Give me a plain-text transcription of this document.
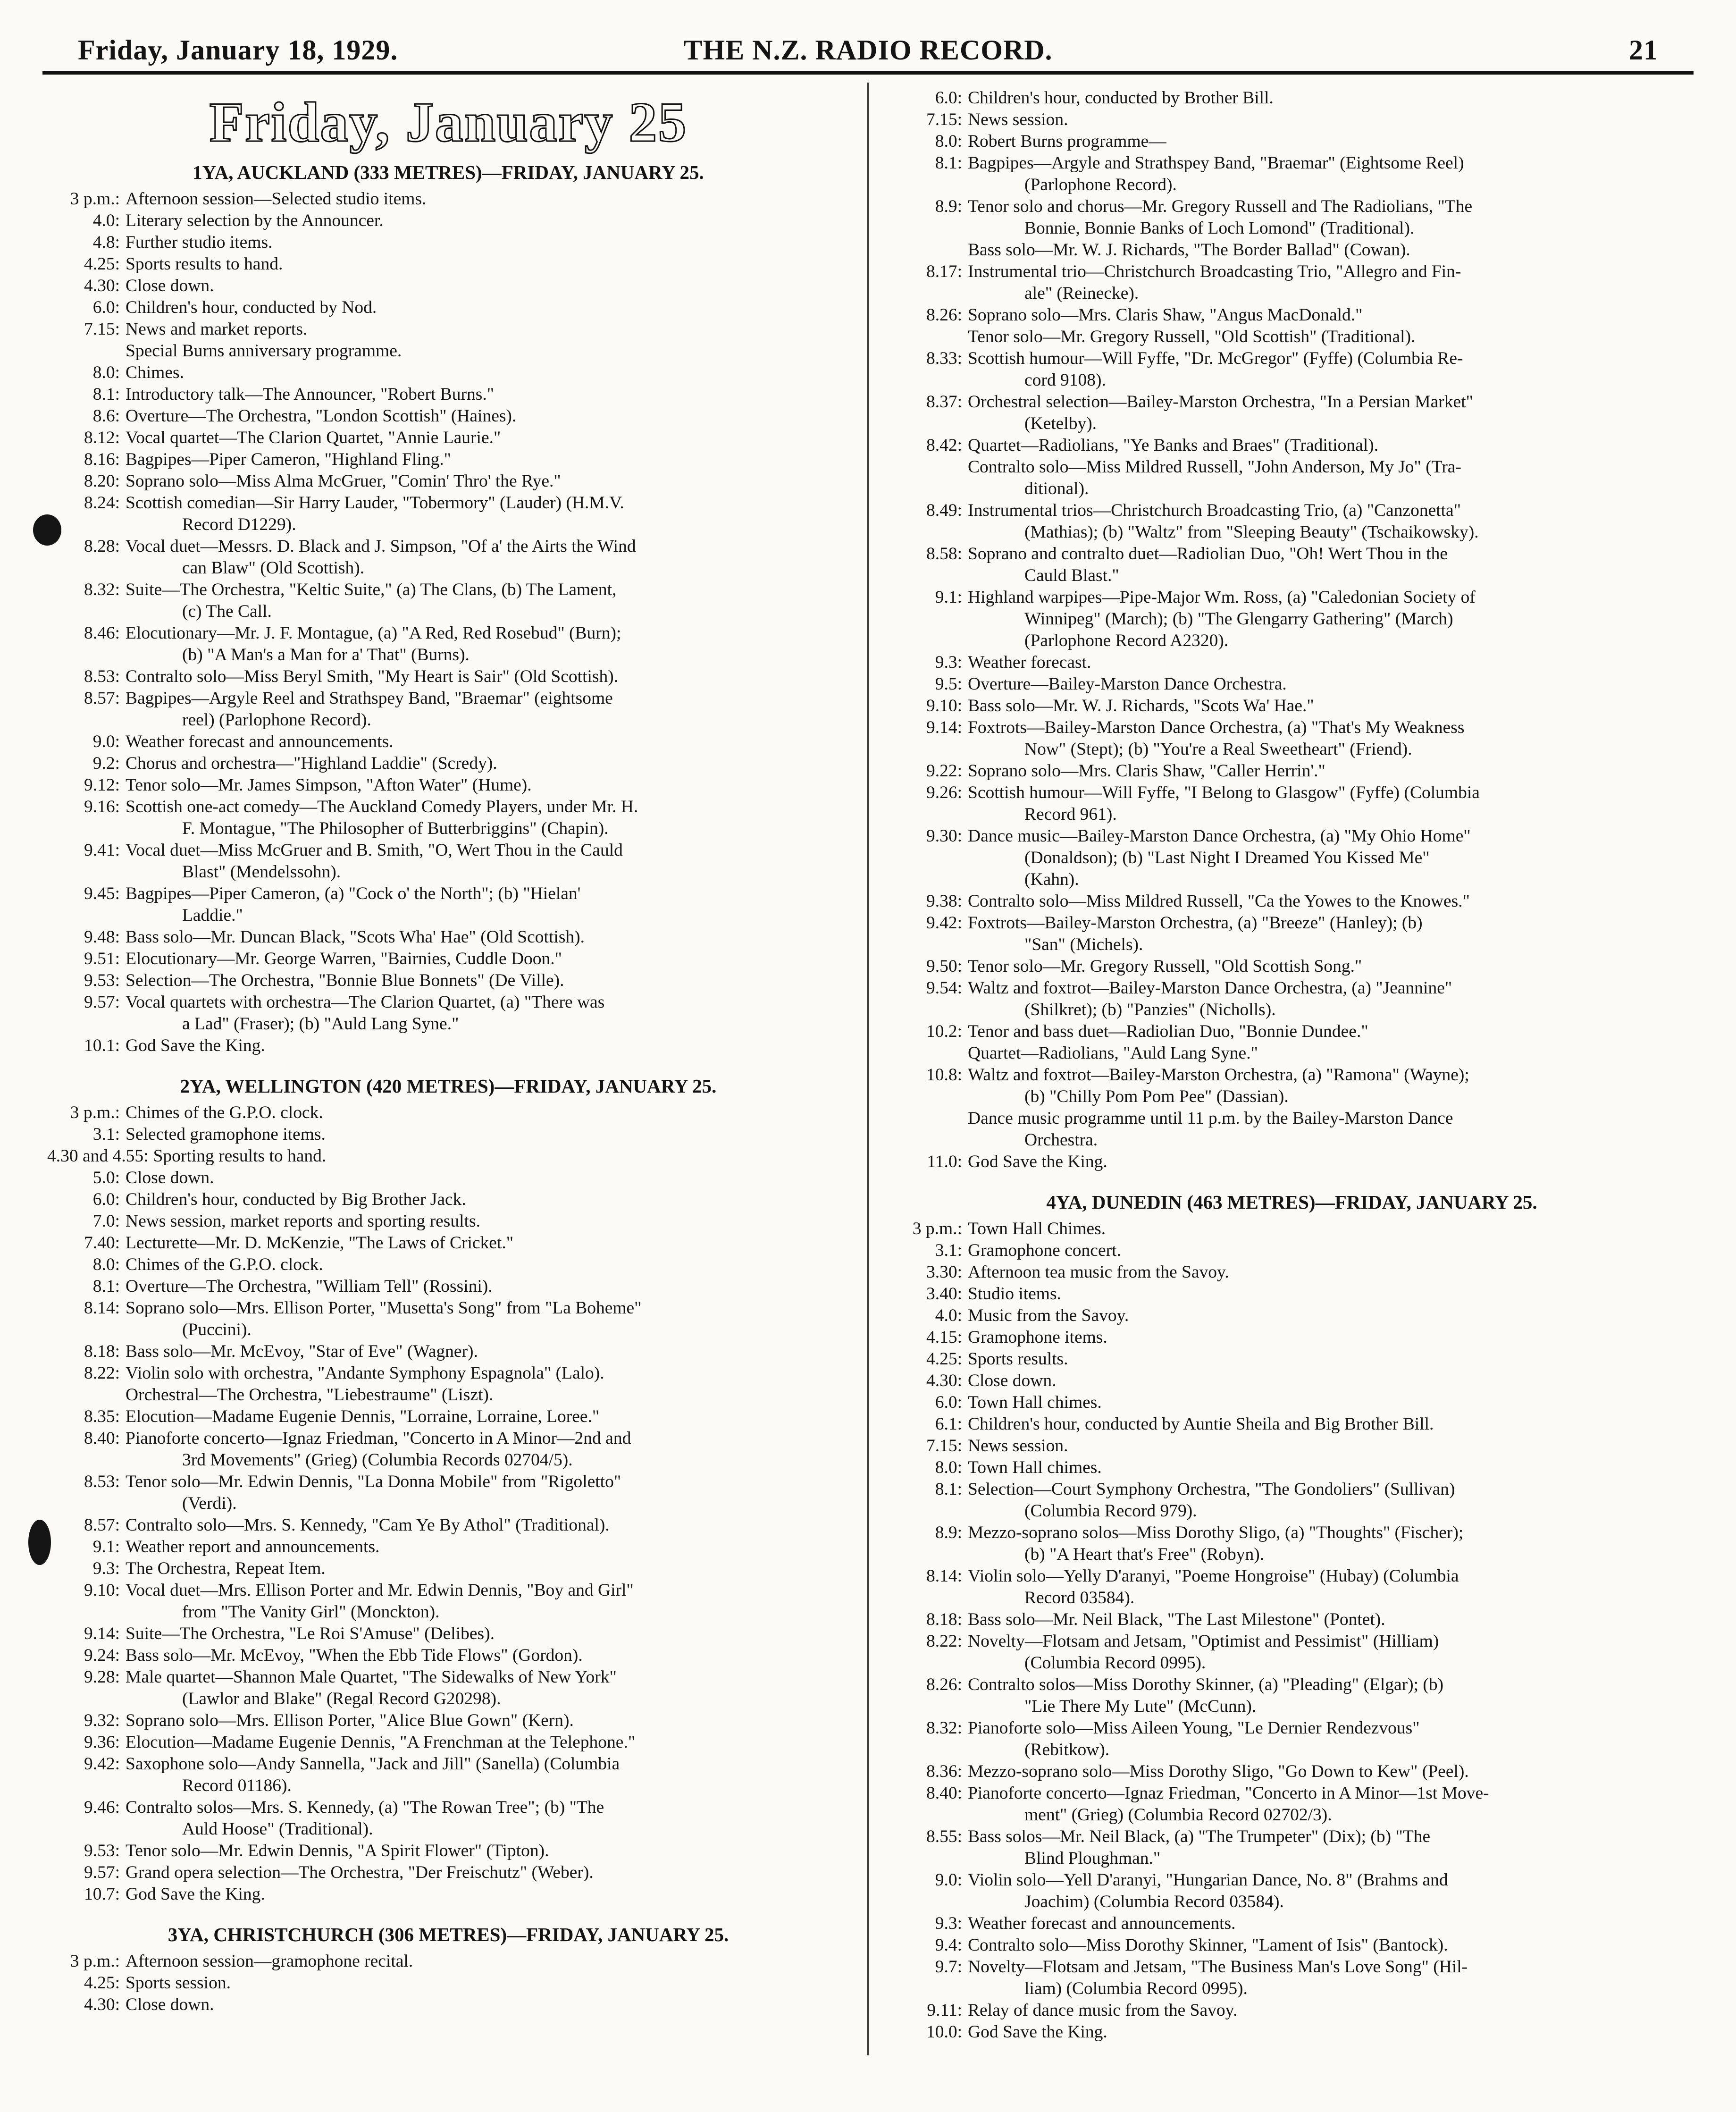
Friday, January 18, 1929.	THE N.Z. RADIO RECORD.	21
Friday, January 25
1YA, AUCKLAND (333 METRES)—FRIDAY, JANUARY 25.
3 p.m.: Afternoon session—Selected studio items.
4.0: Literary selection by the Announcer.
4.8: Further studio items.
4.25: Sports results to hand.
4.30: Close down.
6.0: Children's hour, conducted by Nod.
7.15: News and market reports.
Special Burns anniversary programme.
8.0: Chimes.
8.1: Introductory talk—The Announcer, "Robert Burns."
8.6: Overture—The Orchestra, "London Scottish" (Haines).
8.12: Vocal quartet—The Clarion Quartet, "Annie Laurie."
8.16: Bagpipes—Piper Cameron, "Highland Fling."
8.20: Soprano solo—Miss Alma McGruer, "Comin' Thro' the Rye."
8.24: Scottish comedian—Sir Harry Lauder, "Tobermory" (Lauder) (H.M.V.
Record D1229).
8.28: Vocal duet—Messrs. D. Black and J. Simpson, "Of a' the Airts the Wind
can Blaw" (Old Scottish).
8.32: Suite—The Orchestra, "Keltic Suite," (a) The Clans, (b) The Lament,
(c) The Call.
8.46: Elocutionary—Mr. J. F. Montague, (a) "A Red, Red Rosebud" (Burn);
(b) "A Man's a Man for a' That" (Burns).
8.53: Contralto solo—Miss Beryl Smith, "My Heart is Sair" (Old Scottish).
8.57: Bagpipes—Argyle Reel and Strathspey Band, "Braemar" (eightsome
reel) (Parlophone Record).
9.0: Weather forecast and announcements.
9.2: Chorus and orchestra—"Highland Laddie" (Scredy).
9.12: Tenor solo—Mr. James Simpson, "Afton Water" (Hume).
9.16: Scottish one-act comedy—The Auckland Comedy Players, under Mr. H.
F. Montague, "The Philosopher of Butterbriggins" (Chapin).
9.41: Vocal duet—Miss McGruer and B. Smith, "O, Wert Thou in the Cauld
Blast" (Mendelssohn).
9.45: Bagpipes—Piper Cameron, (a) "Cock o' the North"; (b) "Hielan'
Laddie."
9.48: Bass solo—Mr. Duncan Black, "Scots Wha' Hae" (Old Scottish).
9.51: Elocutionary—Mr. George Warren, "Bairnies, Cuddle Doon."
9.53: Selection—The Orchestra, "Bonnie Blue Bonnets" (De Ville).
9.57: Vocal quartets with orchestra—The Clarion Quartet, (a) "There was
a Lad" (Fraser); (b) "Auld Lang Syne."
10.1: God Save the King.
2YA, WELLINGTON (420 METRES)—FRIDAY, JANUARY 25.
3 p.m.: Chimes of the G.P.O. clock.
3.1: Selected gramophone items.
4.30 and 4.55: Sporting results to hand.
5.0: Close down.
6.0: Children's hour, conducted by Big Brother Jack.
7.0: News session, market reports and sporting results.
7.40: Lecturette—Mr. D. McKenzie, "The Laws of Cricket."
8.0: Chimes of the G.P.O. clock.
8.1: Overture—The Orchestra, "William Tell" (Rossini).
8.14: Soprano solo—Mrs. Ellison Porter, "Musetta's Song" from "La Boheme"
(Puccini).
8.18: Bass solo—Mr. McEvoy, "Star of Eve" (Wagner).
8.22: Violin solo with orchestra, "Andante Symphony Espagnola" (Lalo).
Orchestral—The Orchestra, "Liebestraume" (Liszt).
8.35: Elocution—Madame Eugenie Dennis, "Lorraine, Lorraine, Loree."
8.40: Pianoforte concerto—Ignaz Friedman, "Concerto in A Minor—2nd and
3rd Movements" (Grieg) (Columbia Records 02704/5).
8.53: Tenor solo—Mr. Edwin Dennis, "La Donna Mobile" from "Rigoletto"
(Verdi).
8.57: Contralto solo—Mrs. S. Kennedy, "Cam Ye By Athol" (Traditional).
9.1: Weather report and announcements.
9.3: The Orchestra, Repeat Item.
9.10: Vocal duet—Mrs. Ellison Porter and Mr. Edwin Dennis, "Boy and Girl"
from "The Vanity Girl" (Monckton).
9.14: Suite—The Orchestra, "Le Roi S'Amuse" (Delibes).
9.24: Bass solo—Mr. McEvoy, "When the Ebb Tide Flows" (Gordon).
9.28: Male quartet—Shannon Male Quartet, "The Sidewalks of New York"
(Lawlor and Blake" (Regal Record G20298).
9.32: Soprano solo—Mrs. Ellison Porter, "Alice Blue Gown" (Kern).
9.36: Elocution—Madame Eugenie Dennis, "A Frenchman at the Telephone."
9.42: Saxophone solo—Andy Sannella, "Jack and Jill" (Sanella) (Columbia
Record 01186).
9.46: Contralto solos—Mrs. S. Kennedy, (a) "The Rowan Tree"; (b) "The
Auld Hoose" (Traditional).
9.53: Tenor solo—Mr. Edwin Dennis, "A Spirit Flower" (Tipton).
9.57: Grand opera selection—The Orchestra, "Der Freischutz" (Weber).
10.7: God Save the King.
3YA, CHRISTCHURCH (306 METRES)—FRIDAY, JANUARY 25.
3 p.m.: Afternoon session—gramophone recital.
4.25: Sports session.
4.30: Close down.
6.0: Children's hour, conducted by Brother Bill.
7.15: News session.
8.0: Robert Burns programme—
8.1: Bagpipes—Argyle and Strathspey Band, "Braemar" (Eightsome Reel)
(Parlophone Record).
8.9: Tenor solo and chorus—Mr. Gregory Russell and The Radiolians, "The
Bonnie, Bonnie Banks of Loch Lomond" (Traditional).
Bass solo—Mr. W. J. Richards, "The Border Ballad" (Cowan).
8.17: Instrumental trio—Christchurch Broadcasting Trio, "Allegro and Fin-
ale" (Reinecke).
8.26: Soprano solo—Mrs. Claris Shaw, "Angus MacDonald."
Tenor solo—Mr. Gregory Russell, "Old Scottish" (Traditional).
8.33: Scottish humour—Will Fyffe, "Dr. McGregor" (Fyffe) (Columbia Re-
cord 9108).
8.37: Orchestral selection—Bailey-Marston Orchestra, "In a Persian Market"
(Ketelby).
8.42: Quartet—Radiolians, "Ye Banks and Braes" (Traditional).
Contralto solo—Miss Mildred Russell, "John Anderson, My Jo" (Tra-
ditional).
8.49: Instrumental trios—Christchurch Broadcasting Trio, (a) "Canzonetta"
(Mathias); (b) "Waltz" from "Sleeping Beauty" (Tschaikowsky).
8.58: Soprano and contralto duet—Radiolian Duo, "Oh! Wert Thou in the
Cauld Blast."
9.1: Highland warpipes—Pipe-Major Wm. Ross, (a) "Caledonian Society of
Winnipeg" (March); (b) "The Glengarry Gathering" (March)
(Parlophone Record A2320).
9.3: Weather forecast.
9.5: Overture—Bailey-Marston Dance Orchestra.
9.10: Bass solo—Mr. W. J. Richards, "Scots Wa' Hae."
9.14: Foxtrots—Bailey-Marston Dance Orchestra, (a) "That's My Weakness
Now" (Stept); (b) "You're a Real Sweetheart" (Friend).
9.22: Soprano solo—Mrs. Claris Shaw, "Caller Herrin'."
9.26: Scottish humour—Will Fyffe, "I Belong to Glasgow" (Fyffe) (Columbia
Record 961).
9.30: Dance music—Bailey-Marston Dance Orchestra, (a) "My Ohio Home"
(Donaldson); (b) "Last Night I Dreamed You Kissed Me"
(Kahn).
9.38: Contralto solo—Miss Mildred Russell, "Ca the Yowes to the Knowes."
9.42: Foxtrots—Bailey-Marston Orchestra, (a) "Breeze" (Hanley); (b)
"San" (Michels).
9.50: Tenor solo—Mr. Gregory Russell, "Old Scottish Song."
9.54: Waltz and foxtrot—Bailey-Marston Dance Orchestra, (a) "Jeannine"
(Shilkret); (b) "Panzies" (Nicholls).
10.2: Tenor and bass duet—Radiolian Duo, "Bonnie Dundee."
Quartet—Radiolians, "Auld Lang Syne."
10.8: Waltz and foxtrot—Bailey-Marston Orchestra, (a) "Ramona" (Wayne);
(b) "Chilly Pom Pom Pee" (Dassian).
Dance music programme until 11 p.m. by the Bailey-Marston Dance
Orchestra.
11.0: God Save the King.
4YA, DUNEDIN (463 METRES)—FRIDAY, JANUARY 25.
3 p.m.: Town Hall Chimes.
3.1: Gramophone concert.
3.30: Afternoon tea music from the Savoy.
3.40: Studio items.
4.0: Music from the Savoy.
4.15: Gramophone items.
4.25: Sports results.
4.30: Close down.
6.0: Town Hall chimes.
6.1: Children's hour, conducted by Auntie Sheila and Big Brother Bill.
7.15: News session.
8.0: Town Hall chimes.
8.1: Selection—Court Symphony Orchestra, "The Gondoliers" (Sullivan)
(Columbia Record 979).
8.9: Mezzo-soprano solos—Miss Dorothy Sligo, (a) "Thoughts" (Fischer);
(b) "A Heart that's Free" (Robyn).
8.14: Violin solo—Yelly D'aranyi, "Poeme Hongroise" (Hubay) (Columbia
Record 03584).
8.18: Bass solo—Mr. Neil Black, "The Last Milestone" (Pontet).
8.22: Novelty—Flotsam and Jetsam, "Optimist and Pessimist" (Hilliam)
(Columbia Record 0995).
8.26: Contralto solos—Miss Dorothy Skinner, (a) "Pleading" (Elgar); (b)
"Lie There My Lute" (McCunn).
8.32: Pianoforte solo—Miss Aileen Young, "Le Dernier Rendezvous"
(Rebitkow).
8.36: Mezzo-soprano solo—Miss Dorothy Sligo, "Go Down to Kew" (Peel).
8.40: Pianoforte concerto—Ignaz Friedman, "Concerto in A Minor—1st Move-
ment" (Grieg) (Columbia Record 02702/3).
8.55: Bass solos—Mr. Neil Black, (a) "The Trumpeter" (Dix); (b) "The
Blind Ploughman."
9.0: Violin solo—Yell D'aranyi, "Hungarian Dance, No. 8" (Brahms and
Joachim) (Columbia Record 03584).
9.3: Weather forecast and announcements.
9.4: Contralto solo—Miss Dorothy Skinner, "Lament of Isis" (Bantock).
9.7: Novelty—Flotsam and Jetsam, "The Business Man's Love Song" (Hil-
liam) (Columbia Record 0995).
9.11: Relay of dance music from the Savoy.
10.0: God Save the King.
